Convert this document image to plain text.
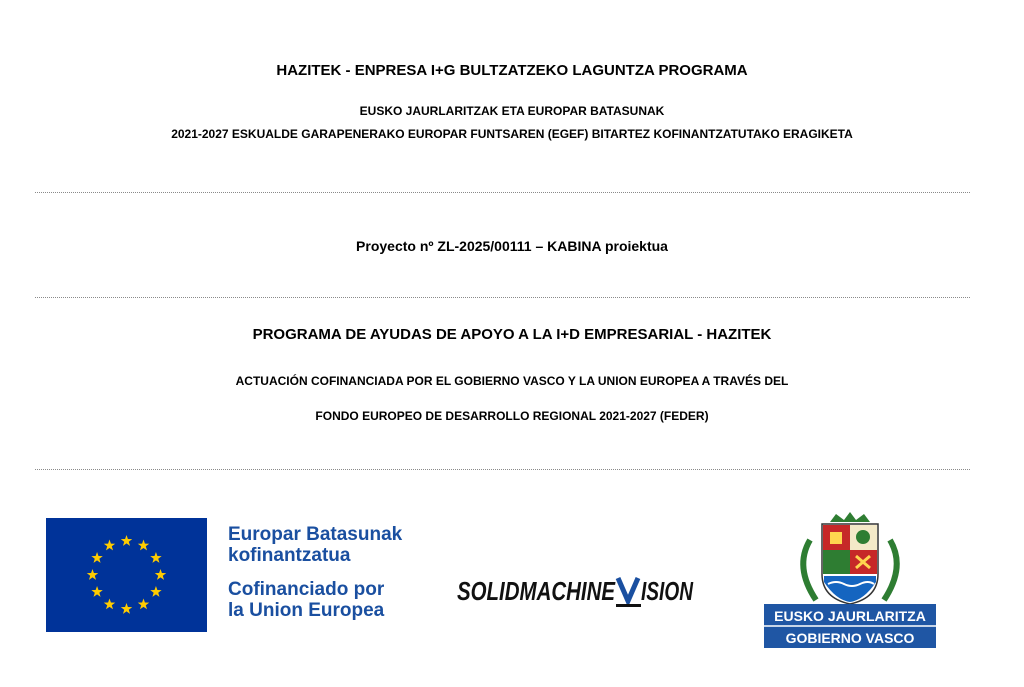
HAZITEK - ENPRESA I+G BULTZATZEKO LAGUNTZA PROGRAMA
EUSKO JAURLARITZAK ETA EUROPAR BATASUNAK
2021-2027 ESKUALDE GARAPENERAKO EUROPAR FUNTSAREN (EGEF) BITARTEZ KOFINANTZATUTAKO ERAGIKETA
Proyecto nº ZL-2025/00111 – KABINA proiektua
PROGRAMA DE AYUDAS DE APOYO A LA I+D EMPRESARIAL - HAZITEK
ACTUACIÓN COFINANCIADA POR EL GOBIERNO VASCO Y LA UNION EUROPEA A TRAVÉS DEL
FONDO EUROPEO DE DESARROLLO REGIONAL 2021-2027 (FEDER)
Europar Batasunak
kofinantzatua
Cofinanciado por
la Union Europea
SOLIDMACHINE ISION
EUSKO JAURLARITZA
GOBIERNO VASCO
